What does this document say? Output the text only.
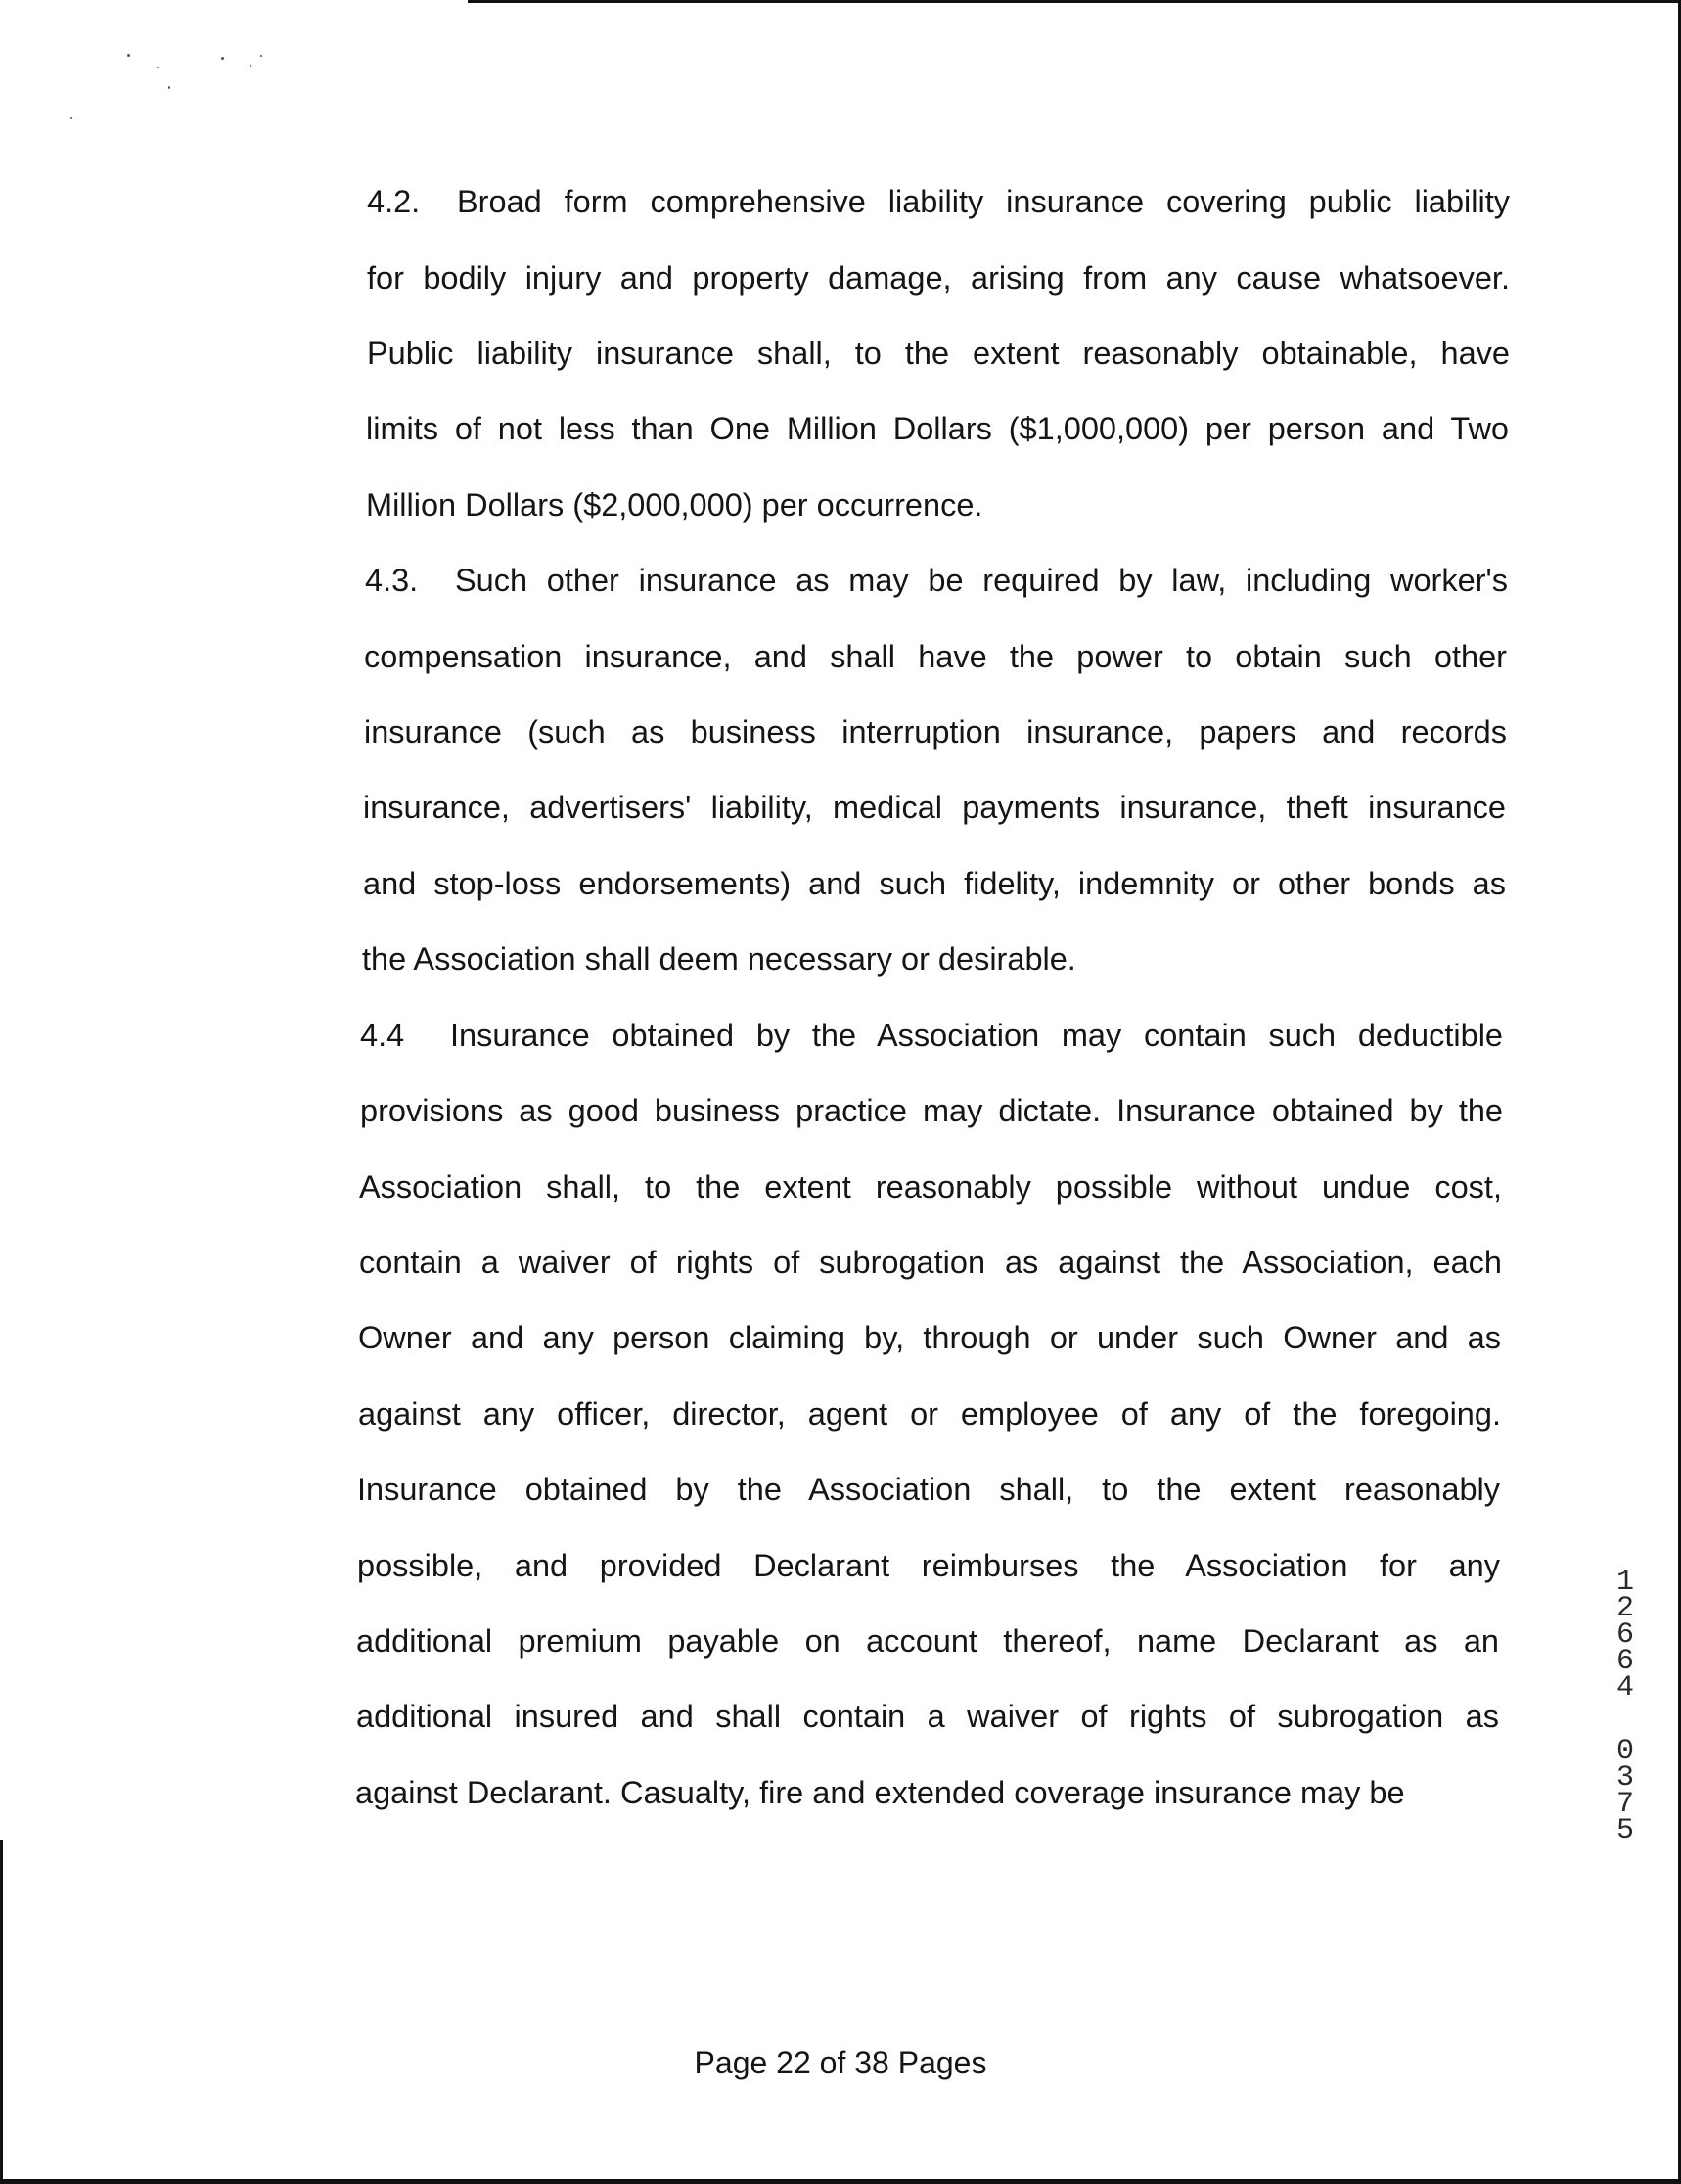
4.2. Broad form comprehensive liability insurance covering public liability
for bodily injury and property damage, arising from any cause whatsoever.
Public liability insurance shall, to the extent reasonably obtainable, have
limits of not less than One Million Dollars ($1,000,000) per person and Two
Million Dollars ($2,000,000) per occurrence.
4.3. Such other insurance as may be required by law, including worker's
compensation insurance, and shall have the power to obtain such other
insurance (such as business interruption insurance, papers and records
insurance, advertisers' liability, medical payments insurance, theft insurance
and stop-loss endorsements) and such fidelity, indemnity or other bonds as
the Association shall deem necessary or desirable.
4.4 Insurance obtained by the Association may contain such deductible
provisions as good business practice may dictate. Insurance obtained by the
Association shall, to the extent reasonably possible without undue cost,
contain a waiver of rights of subrogation as against the Association, each
Owner and any person claiming by, through or under such Owner and as
against any officer, director, agent or employee of any of the foregoing.
Insurance obtained by the Association shall, to the extent reasonably
possible, and provided Declarant reimburses the Association for any
additional premium payable on account thereof, name Declarant as an
additional insured and shall contain a waiver of rights of subrogation as
against Declarant. Casualty, fire and extended coverage insurance may be
1
2
6
6
4
0
3
7
5
Page 22 of 38 Pages
